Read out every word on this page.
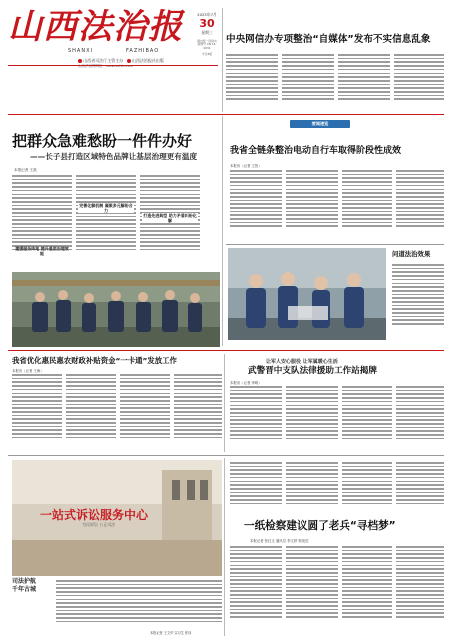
山西法治报
SHANXI	FAZHIBAO
山西省司法厅主管主办 山西法治报社出版
2025年7月
30
星期三
国内统一连续出版物号 CN 14-0031
今日8版
中央网信办专项整治“自媒体”发布不实信息乱象
把群众急难愁盼一件件办好
——长子县打造区域特色品牌让基层治理更有温度
本报记者 王凯
建强服务阵地 提升基层治理效能
完善化解机制 凝聚多元解纷合力
打造先进典型 助力矛盾纠纷化解
要闻速览
我省全链条整治电动自行车取得阶段性成效
本报讯（记者 王智）
问道法治效果
我省优化惠民惠农财政补贴资金“一卡通”发放工作
本报讯（记者 王海）
让军人安心服役 让军属暖心生活
武警晋中支队法律援助工作站揭牌
本报讯（记者 李明）
一站式诉讼服务中心
为民诉讼 公正司法
司法护航
千年古城
本报记者 王文华 实习生 张钊
一纸检察建议圆了老兵“寻档梦”
本报记者 张红玉 通讯员 李文婷 郭宛愆
